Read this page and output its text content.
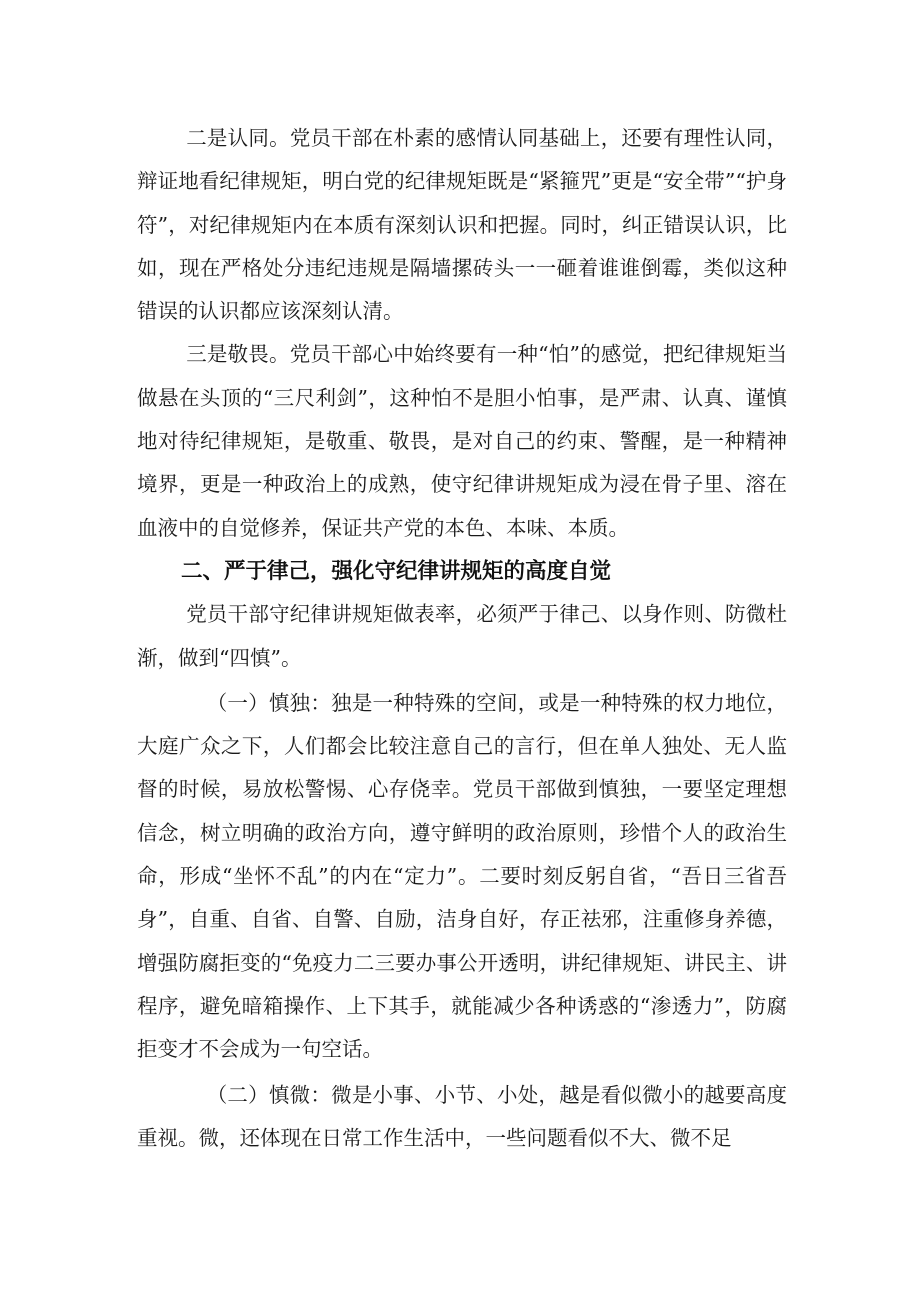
二是认同。党员干部在朴素的感情认同基础上，还要有理性认同，辩证地看纪律规矩，明白党的纪律规矩既是“紧箍咒”更是“安全带”“护身符”，对纪律规矩内在本质有深刻认识和把握。同时，纠正错误认识，比如，现在严格处分违纪违规是隔墙摞砖头一一砸着谁谁倒霉，类似这种错误的认识都应该深刻认清。

三是敬畏。党员干部心中始终要有一种“怕”的感觉，把纪律规矩当做悬在头顶的“三尺利剑”，这种怕不是胆小怕事，是严肃、认真、谨慎地对待纪律规矩，是敬重、敬畏，是对自己的约束、警醒，是一种精神境界，更是一种政治上的成熟，使守纪律讲规矩成为浸在骨子里、溶在血液中的自觉修养，保证共产党的本色、本味、本质。

二、严于律己，强化守纪律讲规矩的高度自觉

党员干部守纪律讲规矩做表率，必须严于律己、以身作则、防微杜渐，做到“四慎”。

（一）慎独：独是一种特殊的空间，或是一种特殊的权力地位，大庭广众之下，人们都会比较注意自己的言行，但在单人独处、无人监督的时候，易放松警惕、心存侥幸。党员干部做到慎独，一要坚定理想信念，树立明确的政治方向，遵守鲜明的政治原则，珍惜个人的政治生命，形成“坐怀不乱”的内在“定力”。二要时刻反躬自省，“吾日三省吾身”，自重、自省、自警、自励，洁身自好，存正祛邪，注重修身养德，增强防腐拒变的“免疫力二三要办事公开透明，讲纪律规矩、讲民主、讲程序，避免暗箱操作、上下其手，就能减少各种诱惑的“渗透力”，防腐拒变才不会成为一句空话。

（二）慎微：微是小事、小节、小处，越是看似微小的越要高度重视。微，还体现在日常工作生活中，一些问题看似不大、微不足
